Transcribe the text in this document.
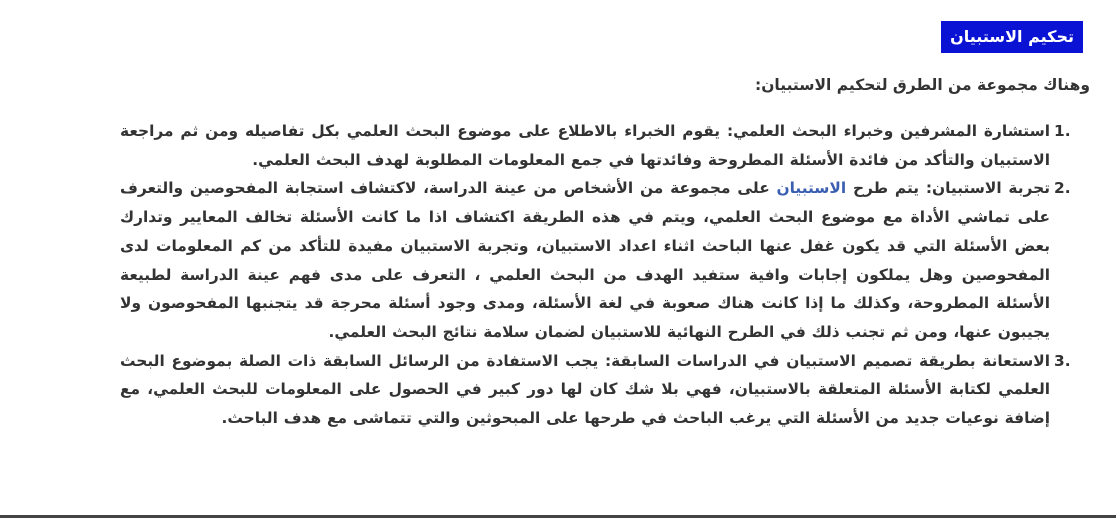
تحكيم الاستبيان
وهناك مجموعة من الطرق لتحكيم الاستبيان:
1.
استشارة المشرفين وخبراء البحث العلمي: يقوم الخبراء بالاطلاع على موضوع البحث العلمي بكل تفاصيله ومن ثم مراجعة الاستبيان والتأكد من فائدة الأسئلة المطروحة وفائدتها في جمع المعلومات المطلوبة لهدف البحث العلمي.
2.
تجربة الاستبيان: يتم طرح الاستبيان على مجموعة من الأشخاص من عينة الدراسة، لاكتشاف استجابة المفحوصين والتعرف على تماشي الأداة مع موضوع البحث العلمي، ويتم في هذه الطريقة اكتشاف اذا ما كانت الأسئلة تخالف المعايير وتدارك بعض الأسئلة التي قد يكون غفل عنها الباحث اثناء اعداد الاستبيان، وتجربة الاستبيان مفيدة للتأكد من كم المعلومات لدى المفحوصين وهل يملكون إجابات وافية ستفيد الهدف من البحث العلمي ، التعرف على مدى فهم عينة الدراسة لطبيعة الأسئلة المطروحة، وكذلك ما إذا كانت هناك صعوبة في لغة الأسئلة، ومدى وجود أسئلة محرجة قد يتجنبها المفحوصون ولا يجيبون عنها، ومن ثم تجنب ذلك في الطرح النهائية للاستبيان لضمان سلامة نتائج البحث العلمي.
3.
الاستعانة بطريقة تصميم الاستبيان في الدراسات السابقة: يجب الاستفادة من الرسائل السابقة ذات الصلة بموضوع البحث العلمي لكتابة الأسئلة المتعلقة بالاستبيان، فهي بلا شك كان لها دور كبير في الحصول على المعلومات للبحث العلمي، مع إضافة نوعيات جديد من الأسئلة التي يرغب الباحث في طرحها على المبحوثين والتي تتماشى مع هدف الباحث.
